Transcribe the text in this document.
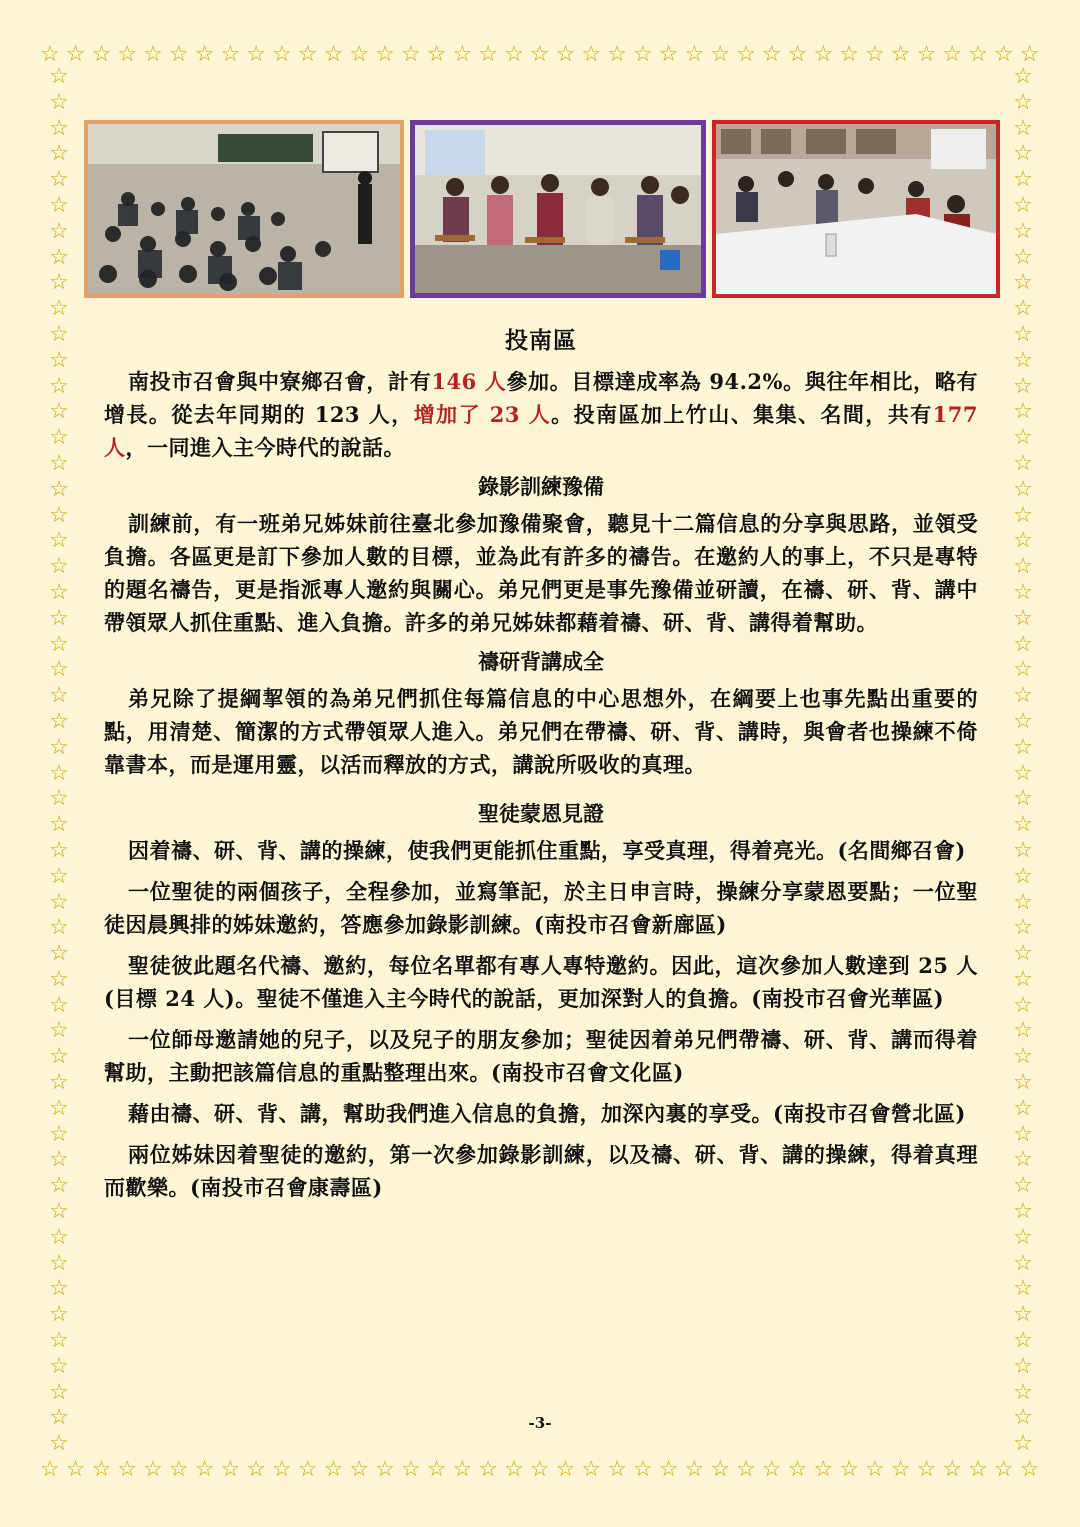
☆ ☆ ☆ ☆ ☆ ☆ ☆ ☆ ☆ ☆ ☆ ☆ ☆ ☆ ☆ ☆ ☆ ☆ ☆ ☆ ☆ ☆ ☆ ☆ ☆ ☆ ☆ ☆ ☆ ☆ ☆ ☆ ☆ ☆ ☆ ☆ ☆ ☆ ☆
☆ ☆ ☆ ☆ ☆ ☆ ☆ ☆ ☆ ☆ ☆ ☆ ☆ ☆ ☆ ☆ ☆ ☆ ☆ ☆ ☆ ☆ ☆ ☆ ☆ ☆ ☆ ☆ ☆ ☆ ☆ ☆ ☆ ☆ ☆ ☆ ☆ ☆ ☆
☆
☆
☆
☆
☆
☆
☆
☆
☆
☆
☆
☆
☆
☆
☆
☆
☆
☆
☆
☆
☆
☆
☆
☆
☆
☆
☆
☆
☆
☆
☆
☆
☆
☆
☆
☆
☆
☆
☆
☆
☆
☆
☆
☆
☆
☆
☆
☆
☆
☆
☆
☆
☆
☆
☆
☆
☆
☆
☆
☆
☆
☆
☆
☆
☆
☆
☆
☆
☆
☆
☆
☆
☆
☆
☆
☆
☆
☆
☆
☆
☆
☆
☆
☆
☆
☆
☆
☆
☆
☆
☆
☆
☆
☆
☆
☆
☆
☆
☆
☆
☆
☆
☆
☆
☆
☆
☆
☆
投南區

南投市召會與中寮鄉召會，計有146 人參加。目標達成率為 94.2%。與往年相比，略有增長。從去年同期的 123 人，增加了 23 人。投南區加上竹山、集集、名間，共有177 人，一同進入主今時代的說話。

錄影訓練豫備

訓練前，有一班弟兄姊妹前往臺北參加豫備聚會，聽見十二篇信息的分享與思路，並領受負擔。各區更是訂下參加人數的目標，並為此有許多的禱告。在邀約人的事上，不只是專特的題名禱告，更是指派專人邀約與關心。弟兄們更是事先豫備並研讀，在禱、研、背、講中帶領眾人抓住重點、進入負擔。許多的弟兄姊妹都藉着禱、研、背、講得着幫助。

禱研背講成全

弟兄除了提綱挈領的為弟兄們抓住每篇信息的中心思想外，在綱要上也事先點出重要的點，用清楚、簡潔的方式帶領眾人進入。弟兄們在帶禱、研、背、講時，與會者也操練不倚靠書本，而是運用靈，以活而釋放的方式，講說所吸收的真理。

聖徒蒙恩見證

因着禱、研、背、講的操練，使我們更能抓住重點，享受真理，得着亮光。(名間鄉召會)

一位聖徒的兩個孩子，全程參加，並寫筆記，於主日申言時，操練分享蒙恩要點；一位聖徒因晨興排的姊妹邀約，答應參加錄影訓練。(南投市召會新廍區)

聖徒彼此題名代禱、邀約，每位名單都有專人專特邀約。因此，這次參加人數達到 25 人(目標 24 人)。聖徒不僅進入主今時代的說話，更加深對人的負擔。(南投市召會光華區)

一位師母邀請她的兒子，以及兒子的朋友參加；聖徒因着弟兄們帶禱、研、背、講而得着幫助，主動把該篇信息的重點整理出來。(南投市召會文化區)

藉由禱、研、背、講，幫助我們進入信息的負擔，加深內裏的享受。(南投市召會營北區)

兩位姊妹因着聖徒的邀約，第一次參加錄影訓練，以及禱、研、背、講的操練，得着真理而歡樂。(南投市召會康壽區)

-3-
